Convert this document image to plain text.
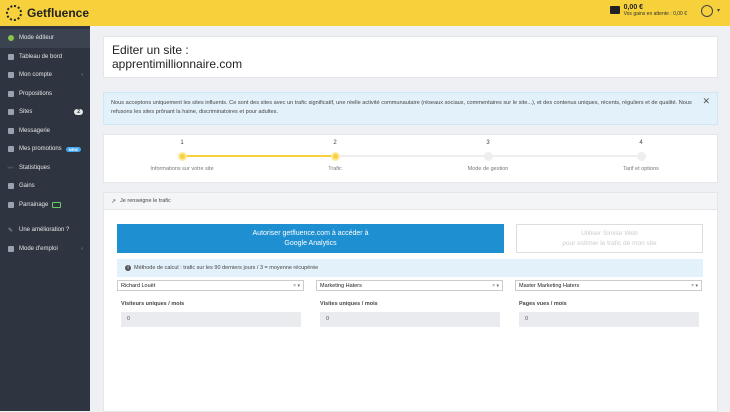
Getfluence	0,00 €
Vos gains en attente : 0,00 €	▾
Mode éditeur
Tableau de bord
Mon compte	‹
Propositions
Sites	2
Messagerie
Mes promotions	NEW
〰 Statistiques
Gains
Parrainage
✎ Une amélioration ?
Mode d'emploi	‹
Editer un site :
apprentimillionnaire.com
Nous acceptons uniquement les sites influents. Ce sont des sites avec un trafic significatif, une réelle activité communautaire (réseaux sociaux, commentaires sur le site...), et des contenus uniques, récents, réguliers et de qualité. Nous refusons les sites prônant la haine, discriminatoires et pour adultes.
✕
1
Informations sur votre site
2
Trafic
3
Mode de gestion
4
Tarif et options
↗ Je renseigne le trafic
Autoriser getfluence.com à accéder à
Google Analytics
Utiliser Similar Web
pour estimer le trafic de mon site
i Méthode de calcul : trafic sur les 90 derniers jours / 3 = moyenne récupérée
Richard Louët	× ▾	Marketing Haters	× ▾	Master Marketing Haters	× ▾
Visiteurs uniques / mois
0
Visites uniques / mois
0
Pages vues / mois
0
